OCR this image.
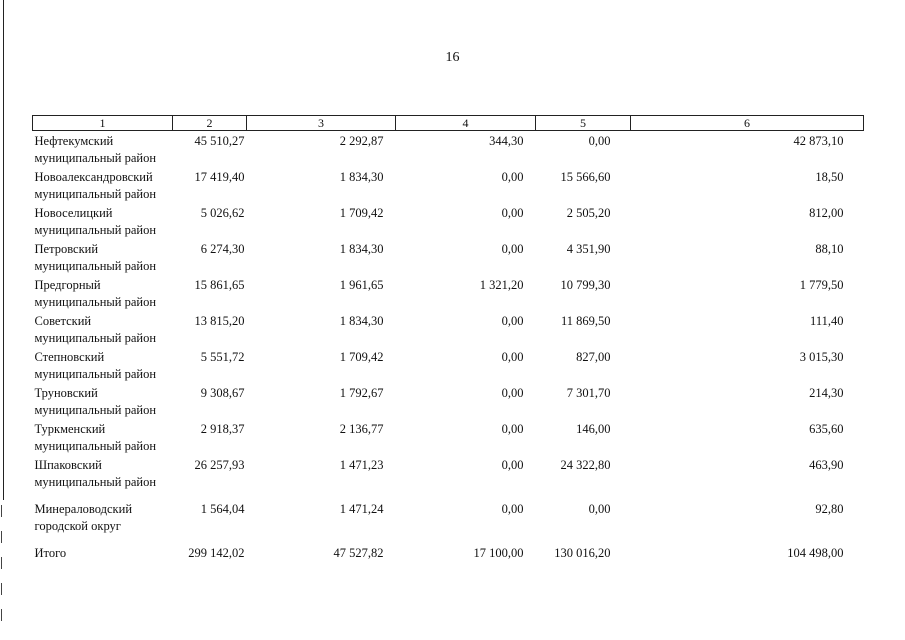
16
1	2	3	4	5	6

Нефтекумский
муниципальный район	45 510,27	2 292,87	344,30	0,00	42 873,10

Новоалександровский
муниципальный район	17 419,40	1 834,30	0,00	15 566,60	18,50

Новоселицкий
муниципальный район	5 026,62	1 709,42	0,00	2 505,20	812,00

Петровский
муниципальный район	6 274,30	1 834,30	0,00	4 351,90	88,10

Предгорный
муниципальный район	15 861,65	1 961,65	1 321,20	10 799,30	1 779,50

Советский
муниципальный район	13 815,20	1 834,30	0,00	11 869,50	111,40

Степновский
муниципальный район	5 551,72	1 709,42	0,00	827,00	3 015,30

Труновский
муниципальный район	9 308,67	1 792,67	0,00	7 301,70	214,30

Туркменский
муниципальный район	2 918,37	2 136,77	0,00	146,00	635,60

Шпаковский
муниципальный район	26 257,93	1 471,23	0,00	24 322,80	463,90

Минераловодский
городской округ	1 564,04	1 471,24	0,00	0,00	92,80

Итого	299 142,02	47 527,82	17 100,00	130 016,20	104 498,00
